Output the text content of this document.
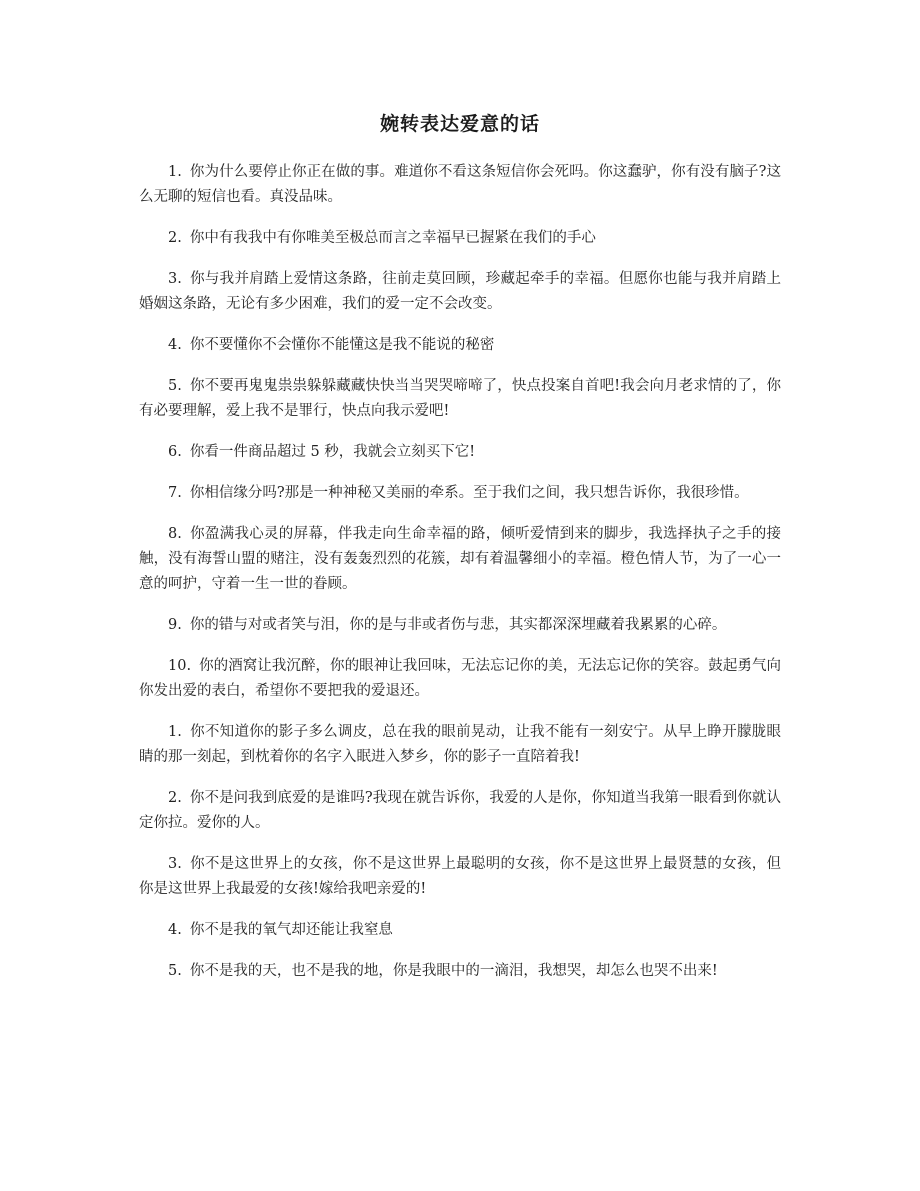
婉转表达爱意的话

1. 你为什么要停止你正在做的事。难道你不看这条短信你会死吗。你这蠢驴，你有没有脑子?这么无聊的短信也看。真没品味。

2. 你中有我我中有你唯美至极总而言之幸福早已握紧在我们的手心

3. 你与我并肩踏上爱情这条路，往前走莫回顾，珍藏起牵手的幸福。但愿你也能与我并肩踏上婚姻这条路，无论有多少困难，我们的爱一定不会改变。

4. 你不要懂你不会懂你不能懂这是我不能说的秘密

5. 你不要再鬼鬼祟祟躲躲藏藏快快当当哭哭啼啼了，快点投案自首吧!我会向月老求情的了，你有必要理解，爱上我不是罪行，快点向我示爱吧!

6. 你看一件商品超过 5 秒，我就会立刻买下它!

7. 你相信缘分吗?那是一种神秘又美丽的牵系。至于我们之间，我只想告诉你，我很珍惜。

8. 你盈满我心灵的屏幕，伴我走向生命幸福的路，倾听爱情到来的脚步，我选择执子之手的接触，没有海誓山盟的赌注，没有轰轰烈烈的花簇，却有着温馨细小的幸福。橙色情人节，为了一心一意的呵护，守着一生一世的眷顾。

9. 你的错与对或者笑与泪，你的是与非或者伤与悲，其实都深深埋藏着我累累的心碎。

10. 你的酒窝让我沉醉，你的眼神让我回味，无法忘记你的美，无法忘记你的笑容。鼓起勇气向你发出爱的表白，希望你不要把我的爱退还。

1. 你不知道你的影子多么调皮，总在我的眼前晃动，让我不能有一刻安宁。从早上睁开朦胧眼睛的那一刻起，到枕着你的名字入眠进入梦乡，你的影子一直陪着我!

2. 你不是问我到底爱的是谁吗?我现在就告诉你，我爱的人是你，你知道当我第一眼看到你就认定你拉。爱你的人。

3. 你不是这世界上的女孩，你不是这世界上最聪明的女孩，你不是这世界上最贤慧的女孩，但你是这世界上我最爱的女孩!嫁给我吧亲爱的!

4. 你不是我的氧气却还能让我窒息

5. 你不是我的天，也不是我的地，你是我眼中的一滴泪，我想哭，却怎么也哭不出来!
